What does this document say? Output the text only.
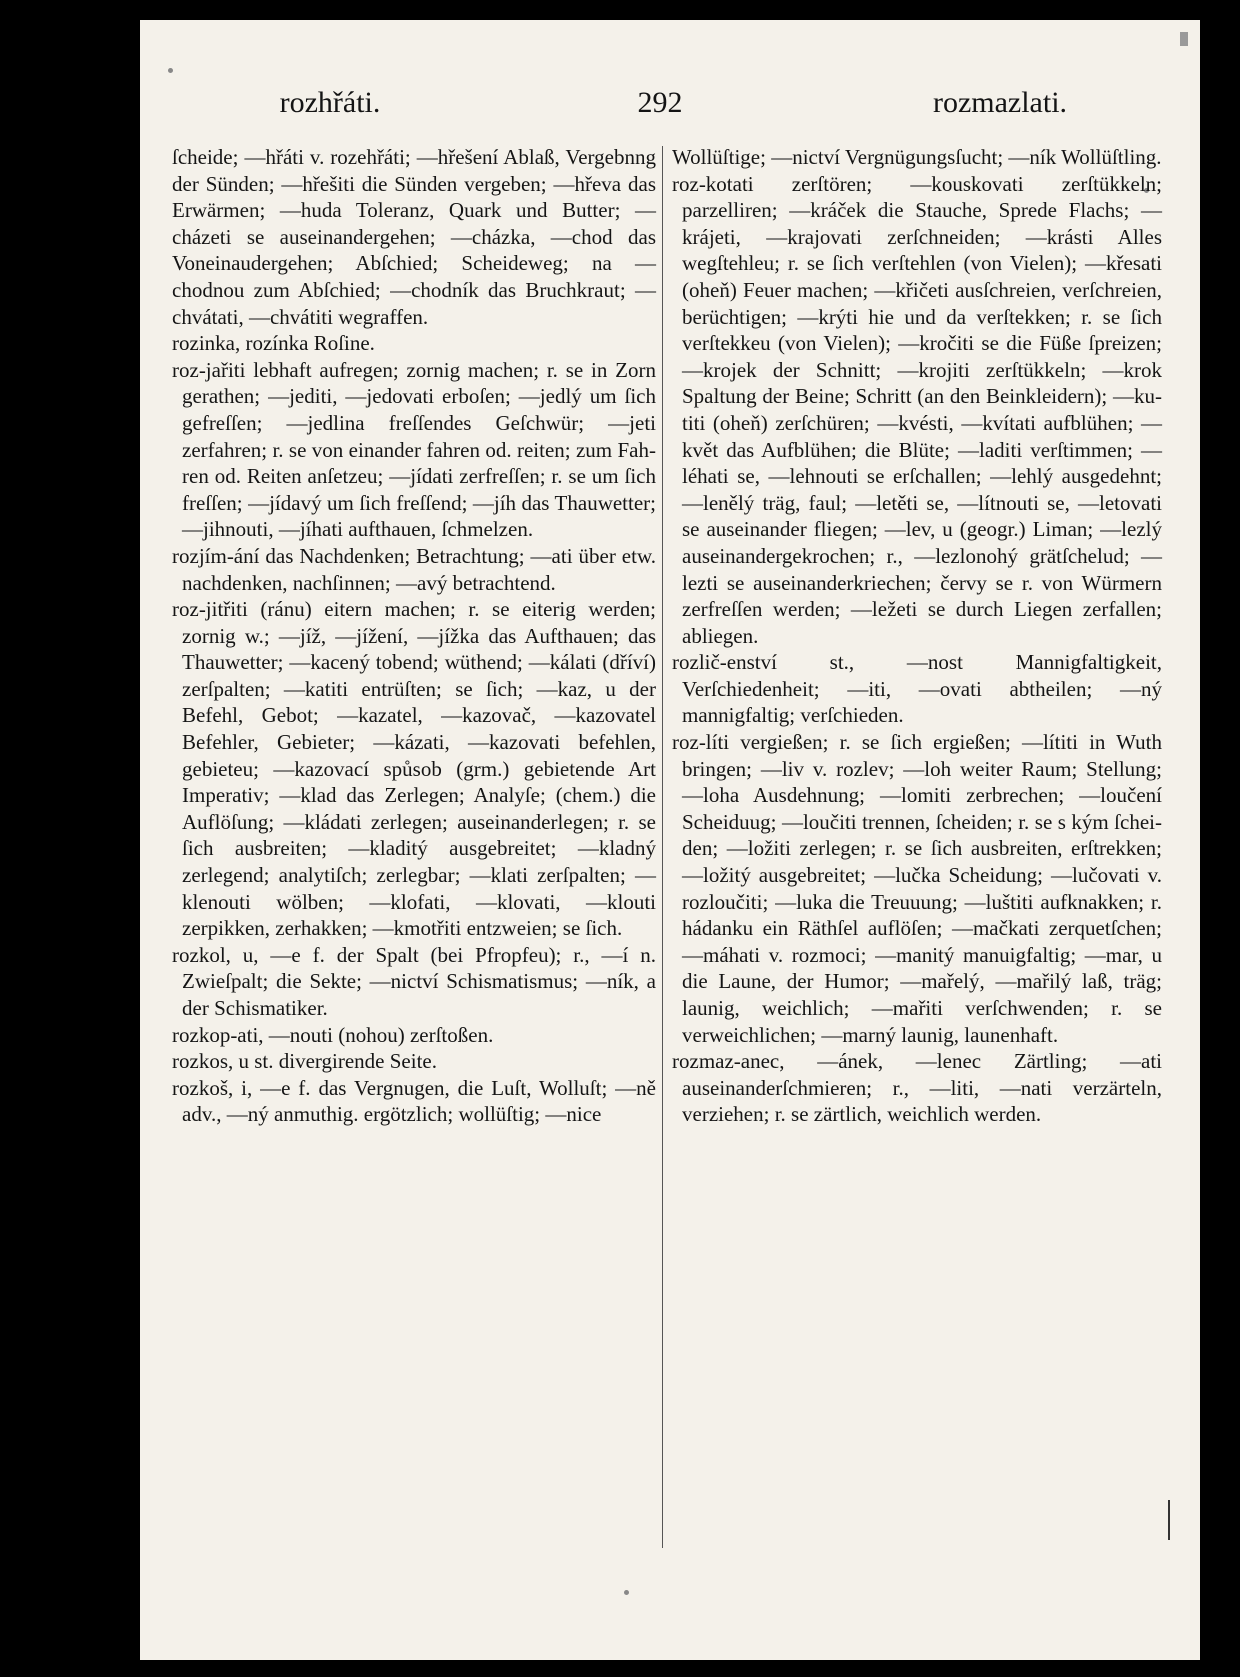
rozhřáti.	292	rozmazlati.

ſcheide; —hřáti v. rozehřáti; —hřešení Ablaß, Vergebnng der Sünden; —hřešiti die Sünden vergeben; —hřeva das Erwärmen; —huda Toleranz, Quark und Butter; —cházeti se auseinandergehen; —cházka, —chod das Voneinaudergehen; Abſchied; Scheideweg; na —chodnou zum Abſchied; —chodník das Bruchkraut; —chvátati, —chvátiti wegraffen.

rozinka, rozínka Roſine.

roz-jařiti lebhaft aufregen; zornig machen; r. se in Zorn gerathen; —jediti, —jedovati erboſen; —jedlý um ſich gefreſſen; —jedlina freſſendes Geſchwür; —jeti zerfahren; r. se von einander fahren od. reiten; zum Fahren od. Reiten anſetzeu; —jídati zerfreſſen; r. se um ſich freſſen; —jídavý um ſich freſſend; —jíh das Thauwetter; —jihnouti, —jíhati aufthauen, ſchmelzen.

rozjím-ání das Nachdenken; Betrachtung; —ati über etw. nachdenken, nachſinnen; —avý betrachtend.

roz-jitřiti (ránu) eitern machen; r. se eiterig werden; zornig w.; —jíž, —jížení, —jížka das Aufthauen; das Thauwetter; —kacený tobend; wüthend; —kálati (dříví) zerſpalten; —katiti entrüſten; se ſich; —kaz, u der Befehl, Gebot; —kazatel, —kazovač, —kazovatel Befehler, Gebieter; —kázati, —kazovati befehlen, gebieteu; —kazovací spůsob (grm.) gebietende Art Imperativ; —klad das Zerlegen; Analyſe; (chem.) die Auflöſung; —kládati zerlegen; auseinanderlegen; r. se ſich ausbreiten; —kladitý ausgebreitet; —kladný zerlegend; analytiſch; zerlegbar; —klati zerſpalten; —klenouti wölben; —klofati, —klovati, —klouti zerpikken, zerhakken; —kmotřiti entzweien; se ſich.

rozkol, u, —e f. der Spalt (bei Pfropfeu); r., —í n. Zwieſpalt; die Sekte; —nictví Schismatismus; —ník, a der Schismatiker.

rozkop-ati, —nouti (nohou) zerſtoßen.

rozkos, u st. divergirende Seite.

rozkoš, i, —e f. das Vergnugen, die Luſt, Wolluſt; —ně adv., —ný anmuthig. ergötzlich; wollüſtig; —nice

Wollüſtige; —nictví Vergnügungsſucht; —ník Wollüſtling.

roz-kotati zerſtören; —kouskovati zerſtükkeln; parzelliren; —kráček die Stauche, Sprede Flachs; —krájeti, —krajovati zerſchneiden; —krásti Alles wegſtehleu; r. se ſich verſtehlen (von Vielen); —křesati (oheň) Feuer machen; —křičeti ausſchreien, verſchreien, berüchtigen; —krýti hie und da verſtekken; r. se ſich verſtekkeu (von Vielen); —kročiti se die Füße ſpreizen; —krojek der Schnitt; —krojiti zerſtükkeln; —krok Spaltung der Beine; Schritt (an den Beinkleidern); —kutiti (oheň) zerſchüren; —kvésti, —kvítati aufblühen; —květ das Aufblühen; die Blüte; —laditi verſtimmen; —léhati se, —lehnouti se erſchallen; —lehlý ausgedehnt; —lenělý träg, faul; —letěti se, —lítnouti se, —letovati se auseinander fliegen; —lev, u (geogr.) Liman; —lezlý auseinandergekrochen; r., —lezlonohý grätſchelud; —lezti se auseinanderkriechen; červy se r. von Würmern zerfreſſen werden; —ležeti se durch Liegen zerfallen; abliegen.

rozlič-enství st., —nost Mannigfaltigkeit, Verſchiedenheit; —iti, —ovati abtheilen; —ný mannigfaltig; verſchieden.

roz-líti vergießen; r. se ſich ergießen; —lítiti in Wuth bringen; —liv v. rozlev; —loh weiter Raum; Stellung; —loha Ausdehnung; —lomiti zerbrechen; —loučení Scheiduug; —loučiti trennen, ſcheiden; r. se s kým ſcheiden; —ložiti zerlegen; r. se ſich ausbreiten, erſtrekken; —ložitý ausgebreitet; —lučka Scheidung; —lučovati v. rozloučiti; —luka die Treuuung; —luštiti aufknakken; r. hádanku ein Räthſel auflöſen; —mačkati zerquetſchen; —máhati v. rozmoci; —manitý manuigfaltig; —mar, u die Laune, der Humor; —mařelý, —mařilý laß, träg; launig, weichlich; —mařiti verſchwenden; r. se verweichlichen; —marný launig, launenhaft.

rozmaz-anec, —ánek, —lenec Zärtling; —ati auseinanderſchmieren; r., —liti, —nati verzärteln, verziehen; r. se zärtlich, weichlich werden.
